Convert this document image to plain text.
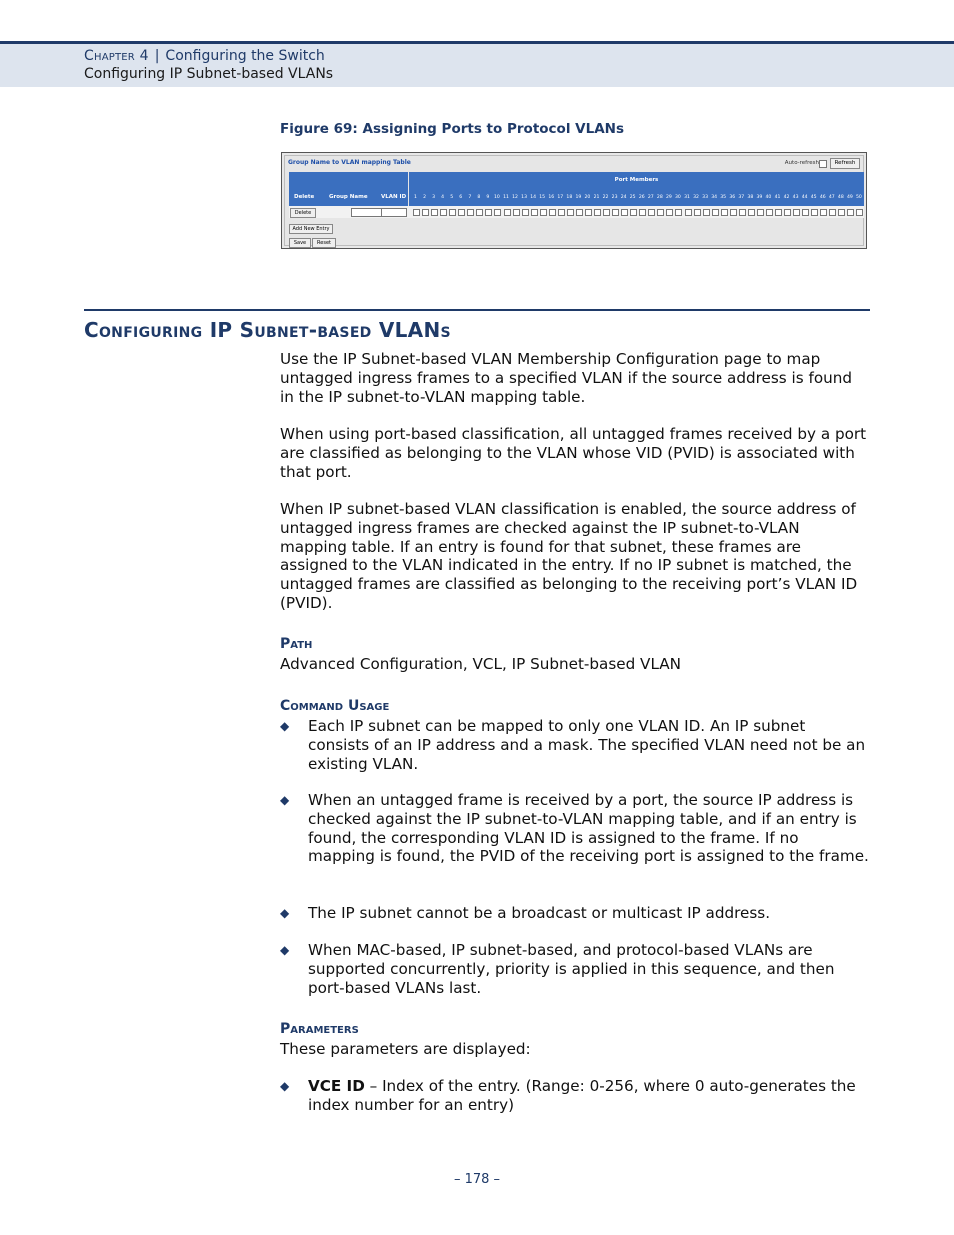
Chapter 4 | Configuring the Switch
Configuring IP Subnet-based VLANs
Figure 69: Assigning Ports to Protocol VLANs
Group Name to VLAN mapping Table	Auto-refresh	Refresh
Port Members
1	2	3	4	5	6	7	8	9	10 11 12 13 14 15 16 17 18 19 20 21 22 23 24 25 26 27 28 29 30 31 32 33 34 35 36 37 38 39 40 41 42 43 44 45 46 47 48 49 50
Delete	Group Name VLAN ID
Delete
Add New Entry
Save	Reset
Configuring IP Subnet-based VLANs
Use the IP Subnet-based VLAN Membership Configuration page to map untagged ingress frames to a specified VLAN if the source address is found in the IP subnet-to-VLAN mapping table.
When using port-based classification, all untagged frames received by a port are classified as belonging to the VLAN whose VID (PVID) is associated with that port.
When IP subnet-based VLAN classification is enabled, the source address of untagged ingress frames are checked against the IP subnet-to-VLAN mapping table. If an entry is found for that subnet, these frames are assigned to the VLAN indicated in the entry. If no IP subnet is matched, the untagged frames are classified as belonging to the receiving port’s VLAN ID (PVID).
Path
Advanced Configuration, VCL, IP Subnet-based VLAN
Command Usage
◆	Each IP subnet can be mapped to only one VLAN ID. An IP subnet consists of an IP address and a mask. The specified VLAN need not be an existing VLAN.
◆	When an untagged frame is received by a port, the source IP address is checked against the IP subnet-to-VLAN mapping table, and if an entry is found, the corresponding VLAN ID is assigned to the frame. If no mapping is found, the PVID of the receiving port is assigned to the frame.
◆	The IP subnet cannot be a broadcast or multicast IP address.
◆	When MAC-based, IP subnet-based, and protocol-based VLANs are supported concurrently, priority is applied in this sequence, and then port-based VLANs last.
Parameters
These parameters are displayed:
◆	VCE ID – Index of the entry. (Range: 0-256, where 0 auto-generates the index number for an entry)
– 178 –
